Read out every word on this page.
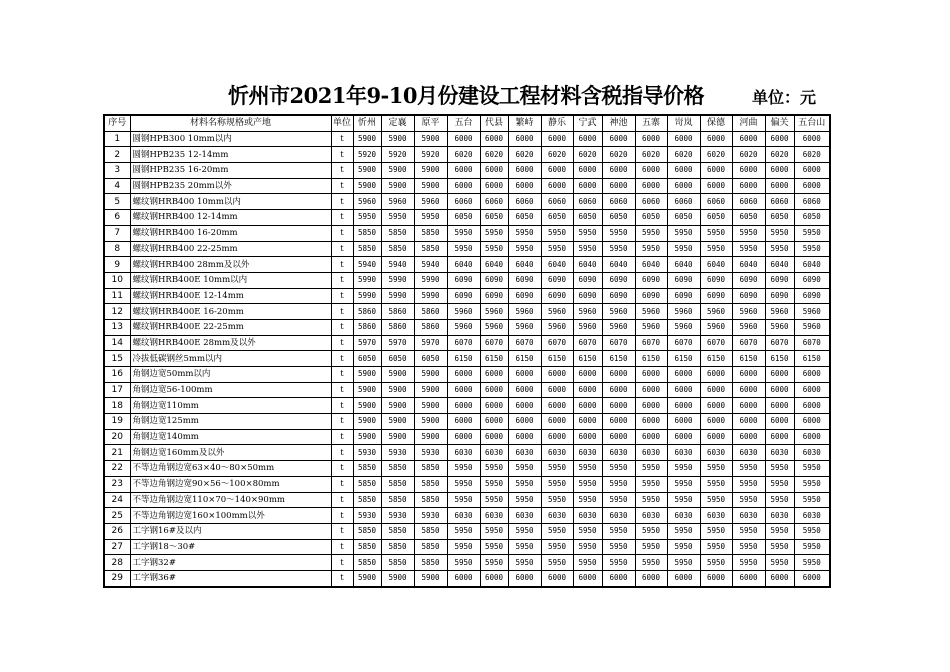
忻州市2021年9-10月份建设工程材料含税指导价格	单位：元
序号	材料名称规格或产地	单位	忻州	定襄	原平	五台	代县	繁峙	静乐	宁武	神池	五寨	岢岚	保德	河曲	偏关	五台山
1	圆钢HPB300 10mm以内	t	5900	5900	5900	6000	6000	6000	6000	6000	6000	6000	6000	6000	6000	6000	6000
2	圆钢HPB235 12-14mm	t	5920	5920	5920	6020	6020	6020	6020	6020	6020	6020	6020	6020	6020	6020	6020
3	圆钢HPB235 16-20mm	t	5900	5900	5900	6000	6000	6000	6000	6000	6000	6000	6000	6000	6000	6000	6000
4	圆钢HPB235 20mm以外	t	5900	5900	5900	6000	6000	6000	6000	6000	6000	6000	6000	6000	6000	6000	6000
5	螺纹钢HRB400 10mm以内	t	5960	5960	5960	6060	6060	6060	6060	6060	6060	6060	6060	6060	6060	6060	6060
6	螺纹钢HRB400 12-14mm	t	5950	5950	5950	6050	6050	6050	6050	6050	6050	6050	6050	6050	6050	6050	6050
7	螺纹钢HRB400 16-20mm	t	5850	5850	5850	5950	5950	5950	5950	5950	5950	5950	5950	5950	5950	5950	5950
8	螺纹钢HRB400 22-25mm	t	5850	5850	5850	5950	5950	5950	5950	5950	5950	5950	5950	5950	5950	5950	5950
9	螺纹钢HRB400 28mm及以外	t	5940	5940	5940	6040	6040	6040	6040	6040	6040	6040	6040	6040	6040	6040	6040
10	螺纹钢HRB400E 10mm以内	t	5990	5990	5990	6090	6090	6090	6090	6090	6090	6090	6090	6090	6090	6090	6090
11	螺纹钢HRB400E 12-14mm	t	5990	5990	5990	6090	6090	6090	6090	6090	6090	6090	6090	6090	6090	6090	6090
12	螺纹钢HRB400E 16-20mm	t	5860	5860	5860	5960	5960	5960	5960	5960	5960	5960	5960	5960	5960	5960	5960
13	螺纹钢HRB400E 22-25mm	t	5860	5860	5860	5960	5960	5960	5960	5960	5960	5960	5960	5960	5960	5960	5960
14	螺纹钢HRB400E 28mm及以外	t	5970	5970	5970	6070	6070	6070	6070	6070	6070	6070	6070	6070	6070	6070	6070
15	冷拔低碳钢丝5mm以内	t	6050	6050	6050	6150	6150	6150	6150	6150	6150	6150	6150	6150	6150	6150	6150
16	角钢边宽50mm以内	t	5900	5900	5900	6000	6000	6000	6000	6000	6000	6000	6000	6000	6000	6000	6000
17	角钢边宽56-100mm	t	5900	5900	5900	6000	6000	6000	6000	6000	6000	6000	6000	6000	6000	6000	6000
18	角钢边宽110mm	t	5900	5900	5900	6000	6000	6000	6000	6000	6000	6000	6000	6000	6000	6000	6000
19	角钢边宽125mm	t	5900	5900	5900	6000	6000	6000	6000	6000	6000	6000	6000	6000	6000	6000	6000
20	角钢边宽140mm	t	5900	5900	5900	6000	6000	6000	6000	6000	6000	6000	6000	6000	6000	6000	6000
21	角钢边宽160mm及以外	t	5930	5930	5930	6030	6030	6030	6030	6030	6030	6030	6030	6030	6030	6030	6030
22	不等边角钢边宽63×40～80×50mm	t	5850	5850	5850	5950	5950	5950	5950	5950	5950	5950	5950	5950	5950	5950	5950
23	不等边角钢边宽90×56～100×80mm	t	5850	5850	5850	5950	5950	5950	5950	5950	5950	5950	5950	5950	5950	5950	5950
24	不等边角钢边宽110×70～140×90mm	t	5850	5850	5850	5950	5950	5950	5950	5950	5950	5950	5950	5950	5950	5950	5950
25	不等边角钢边宽160×100mm以外	t	5930	5930	5930	6030	6030	6030	6030	6030	6030	6030	6030	6030	6030	6030	6030
26	工字钢16#及以内	t	5850	5850	5850	5950	5950	5950	5950	5950	5950	5950	5950	5950	5950	5950	5950
27	工字钢18～30#	t	5850	5850	5850	5950	5950	5950	5950	5950	5950	5950	5950	5950	5950	5950	5950
28	工字钢32#	t	5850	5850	5850	5950	5950	5950	5950	5950	5950	5950	5950	5950	5950	5950	5950
29	工字钢36#	t	5900	5900	5900	6000	6000	6000	6000	6000	6000	6000	6000	6000	6000	6000	6000
